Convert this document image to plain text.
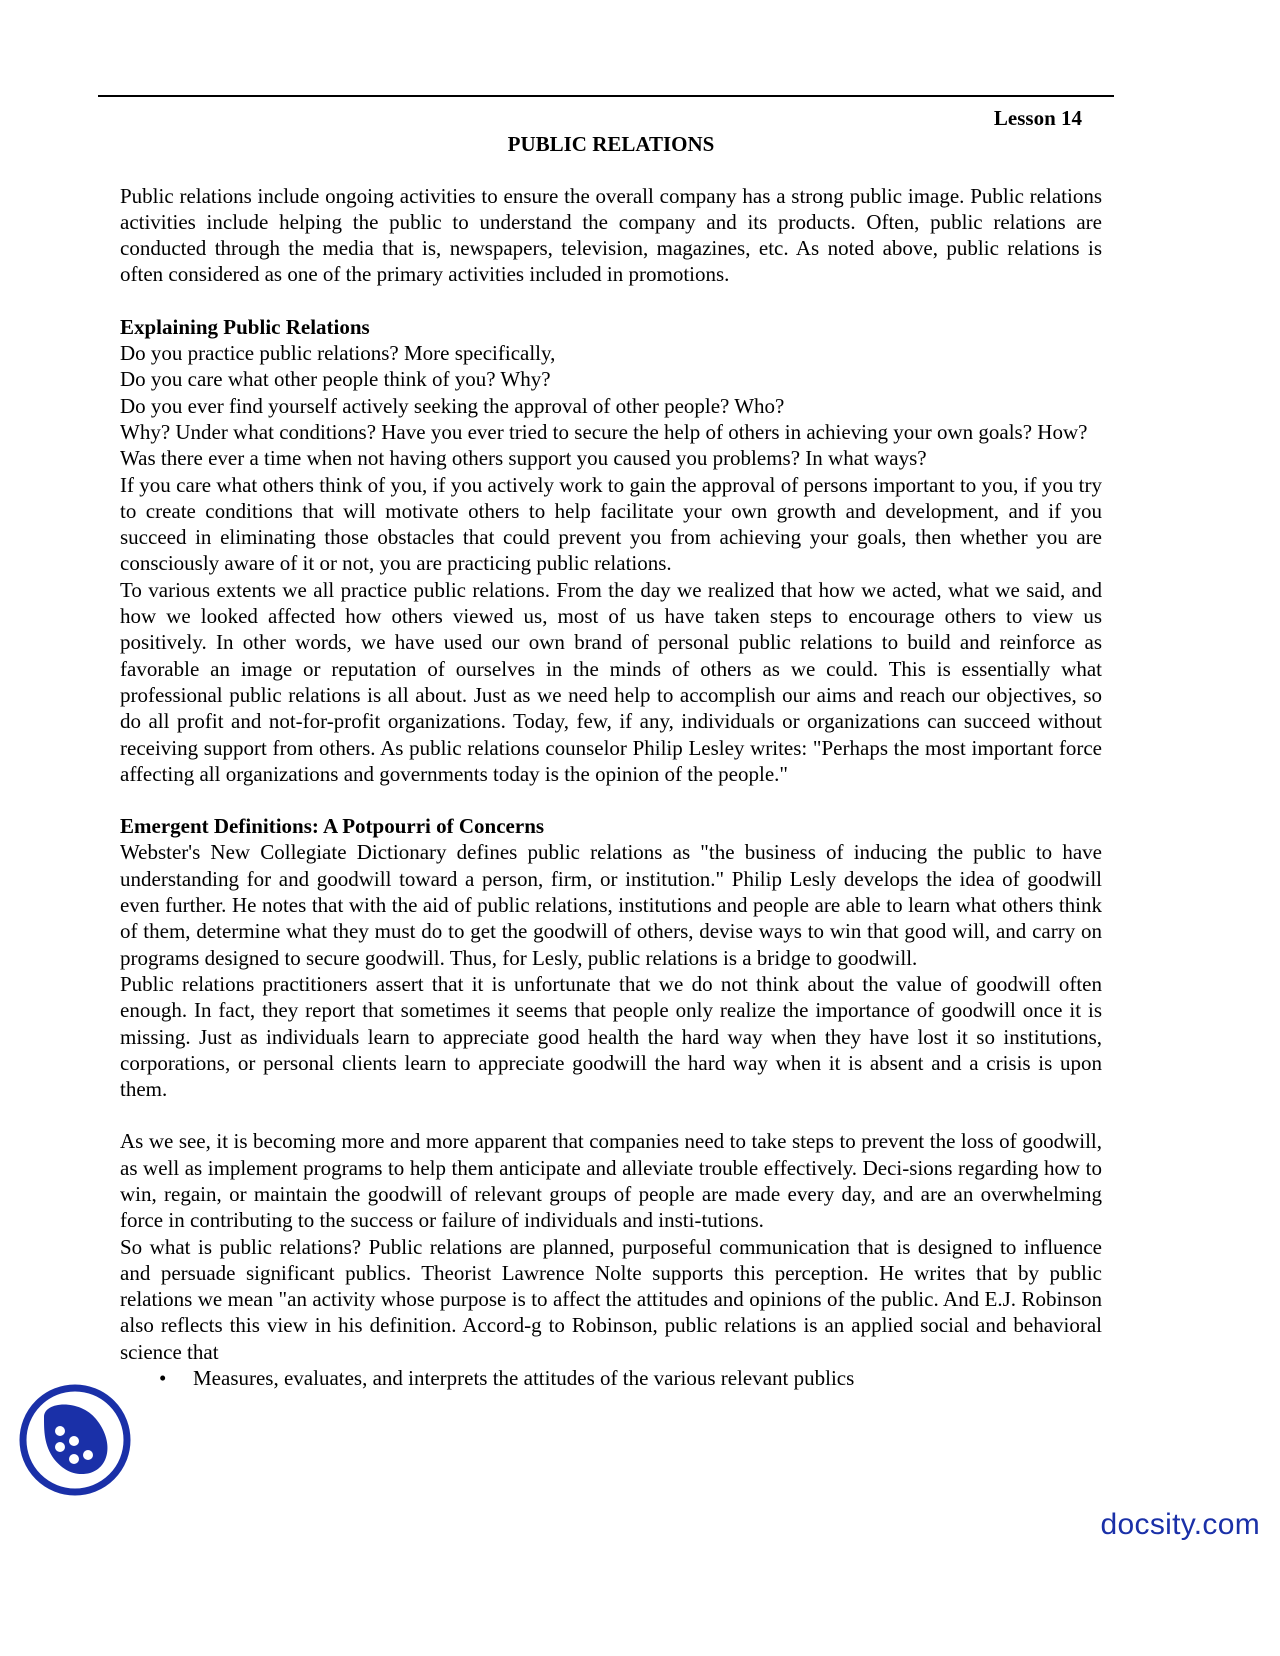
Lesson 14
PUBLIC RELATIONS

Public relations include ongoing activities to ensure the overall company has a strong public image. Public relations activities include helping the public to understand the company and its products. Often, public relations are conducted through the media that is, newspapers, television, magazines, etc. As noted above, public relations is often considered as one of the primary activities included in promotions.

Explaining Public Relations

Do you practice public relations? More specifically,

Do you care what other people think of you? Why?

Do you ever find yourself actively seeking the approval of other people? Who?

Why? Under what conditions? Have you ever tried to secure the help of others in achieving your own goals? How?

Was there ever a time when not having others support you caused you problems? In what ways?

If you care what others think of you, if you actively work to gain the approval of persons important to you, if you try to create conditions that will motivate others to help facilitate your own growth and development, and if you succeed in eliminating those obstacles that could prevent you from achieving your goals, then whether you are consciously aware of it or not, you are practicing public relations.

To various extents we all practice public relations. From the day we realized that how we acted, what we said, and how we looked affected how others viewed us, most of us have taken steps to encourage others to view us positively. In other words, we have used our own brand of personal public relations to build and reinforce as favorable an image or reputation of ourselves in the minds of others as we could. This is essentially what professional public relations is all about. Just as we need help to accomplish our aims and reach our objectives, so do all profit and not-for-profit organizations. Today, few, if any, individuals or organizations can succeed without receiving support from others. As public relations counselor Philip Lesley writes: "Perhaps the most important force affecting all organizations and governments today is the opinion of the people."

Emergent Definitions: A Potpourri of Concerns

Webster's New Collegiate Dictionary defines public relations as "the business of inducing the public to have understanding for and goodwill toward a person, firm, or institution." Philip Lesly develops the idea of goodwill even further. He notes that with the aid of public relations, institutions and people are able to learn what others think of them, determine what they must do to get the goodwill of others, devise ways to win that good will, and carry on programs designed to secure goodwill. Thus, for Lesly, public relations is a bridge to goodwill.

Public relations practitioners assert that it is unfortunate that we do not think about the value of goodwill often enough. In fact, they report that sometimes it seems that people only realize the importance of goodwill once it is missing. Just as individuals learn to appreciate good health the hard way when they have lost it so institutions, corporations, or personal clients learn to appreciate goodwill the hard way when it is absent and a crisis is upon them.

As we see, it is becoming more and more apparent that companies need to take steps to prevent the loss of goodwill, as well as implement programs to help them anticipate and alleviate trouble effectively. Deci-sions regarding how to win, regain, or maintain the goodwill of relevant groups of people are made every day, and are an overwhelming force in contributing to the success or failure of individuals and insti-tutions.

So what is public relations? Public relations are planned, purposeful communication that is designed to influence and persuade significant publics. Theorist Lawrence Nolte supports this perception. He writes that by public relations we mean "an activity whose purpose is to affect the attitudes and opinions of the public. And E.J. Robinson also reflects this view in his definition. Accord-g to Robinson, public relations is an applied social and behavioral science that

• Measures, evaluates, and interprets the attitudes of the various relevant publics
docsity.com
